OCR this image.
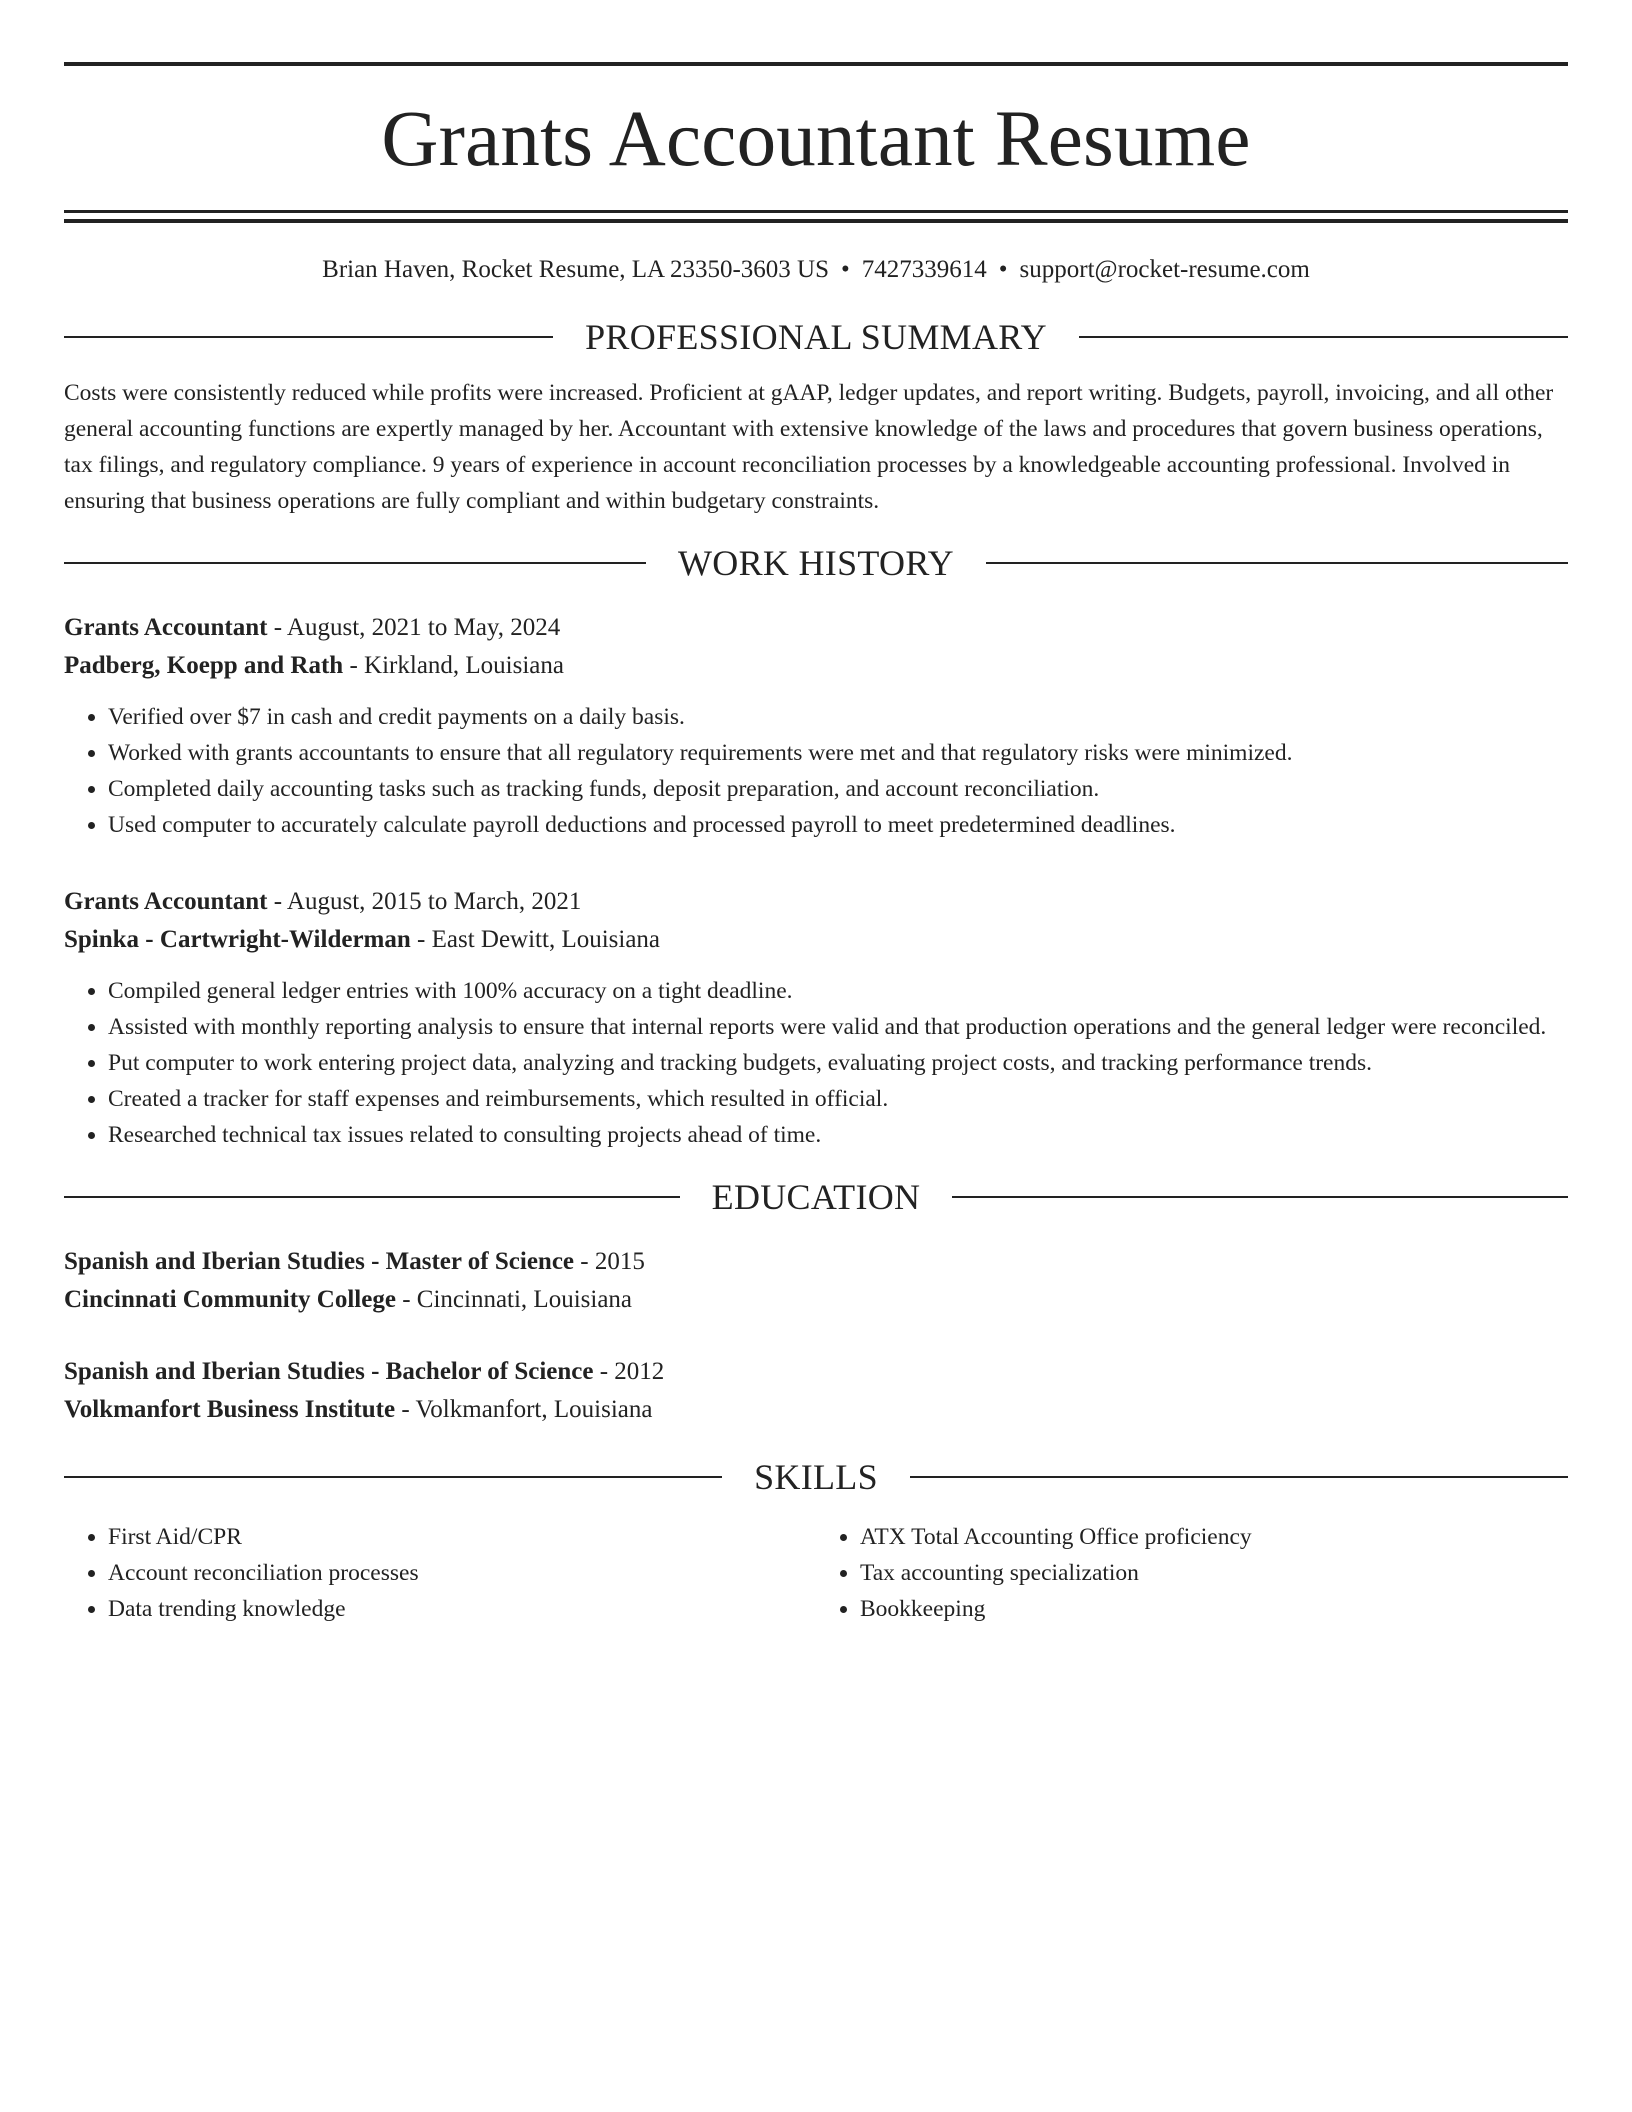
Grants Accountant Resume
Brian Haven, Rocket Resume, LA 23350-3603 US • 7427339614 • support@rocket-resume.com
PROFESSIONAL SUMMARY
Costs were consistently reduced while profits were increased. Proficient at gAAP, ledger updates, and report writing. Budgets, payroll, invoicing, and all other general accounting functions are expertly managed by her. Accountant with extensive knowledge of the laws and procedures that govern business operations, tax filings, and regulatory compliance. 9 years of experience in account reconciliation processes by a knowledgeable accounting professional. Involved in ensuring that business operations are fully compliant and within budgetary constraints.
WORK HISTORY
Grants Accountant - August, 2021 to May, 2024
Padberg, Koepp and Rath - Kirkland, Louisiana
• Verified over $7 in cash and credit payments on a daily basis.
• Worked with grants accountants to ensure that all regulatory requirements were met and that regulatory risks were minimized.
• Completed daily accounting tasks such as tracking funds, deposit preparation, and account reconciliation.
• Used computer to accurately calculate payroll deductions and processed payroll to meet predetermined deadlines.
Grants Accountant - August, 2015 to March, 2021
Spinka - Cartwright-Wilderman - East Dewitt, Louisiana
• Compiled general ledger entries with 100% accuracy on a tight deadline.
• Assisted with monthly reporting analysis to ensure that internal reports were valid and that production operations and the general ledger were reconciled.
• Put computer to work entering project data, analyzing and tracking budgets, evaluating project costs, and tracking performance trends.
• Created a tracker for staff expenses and reimbursements, which resulted in official.
• Researched technical tax issues related to consulting projects ahead of time.
EDUCATION
Spanish and Iberian Studies - Master of Science - 2015
Cincinnati Community College - Cincinnati, Louisiana
Spanish and Iberian Studies - Bachelor of Science - 2012
Volkmanfort Business Institute - Volkmanfort, Louisiana
SKILLS
• First Aid/CPR
• Account reconciliation processes
• Data trending knowledge
• ATX Total Accounting Office proficiency
• Tax accounting specialization
• Bookkeeping
